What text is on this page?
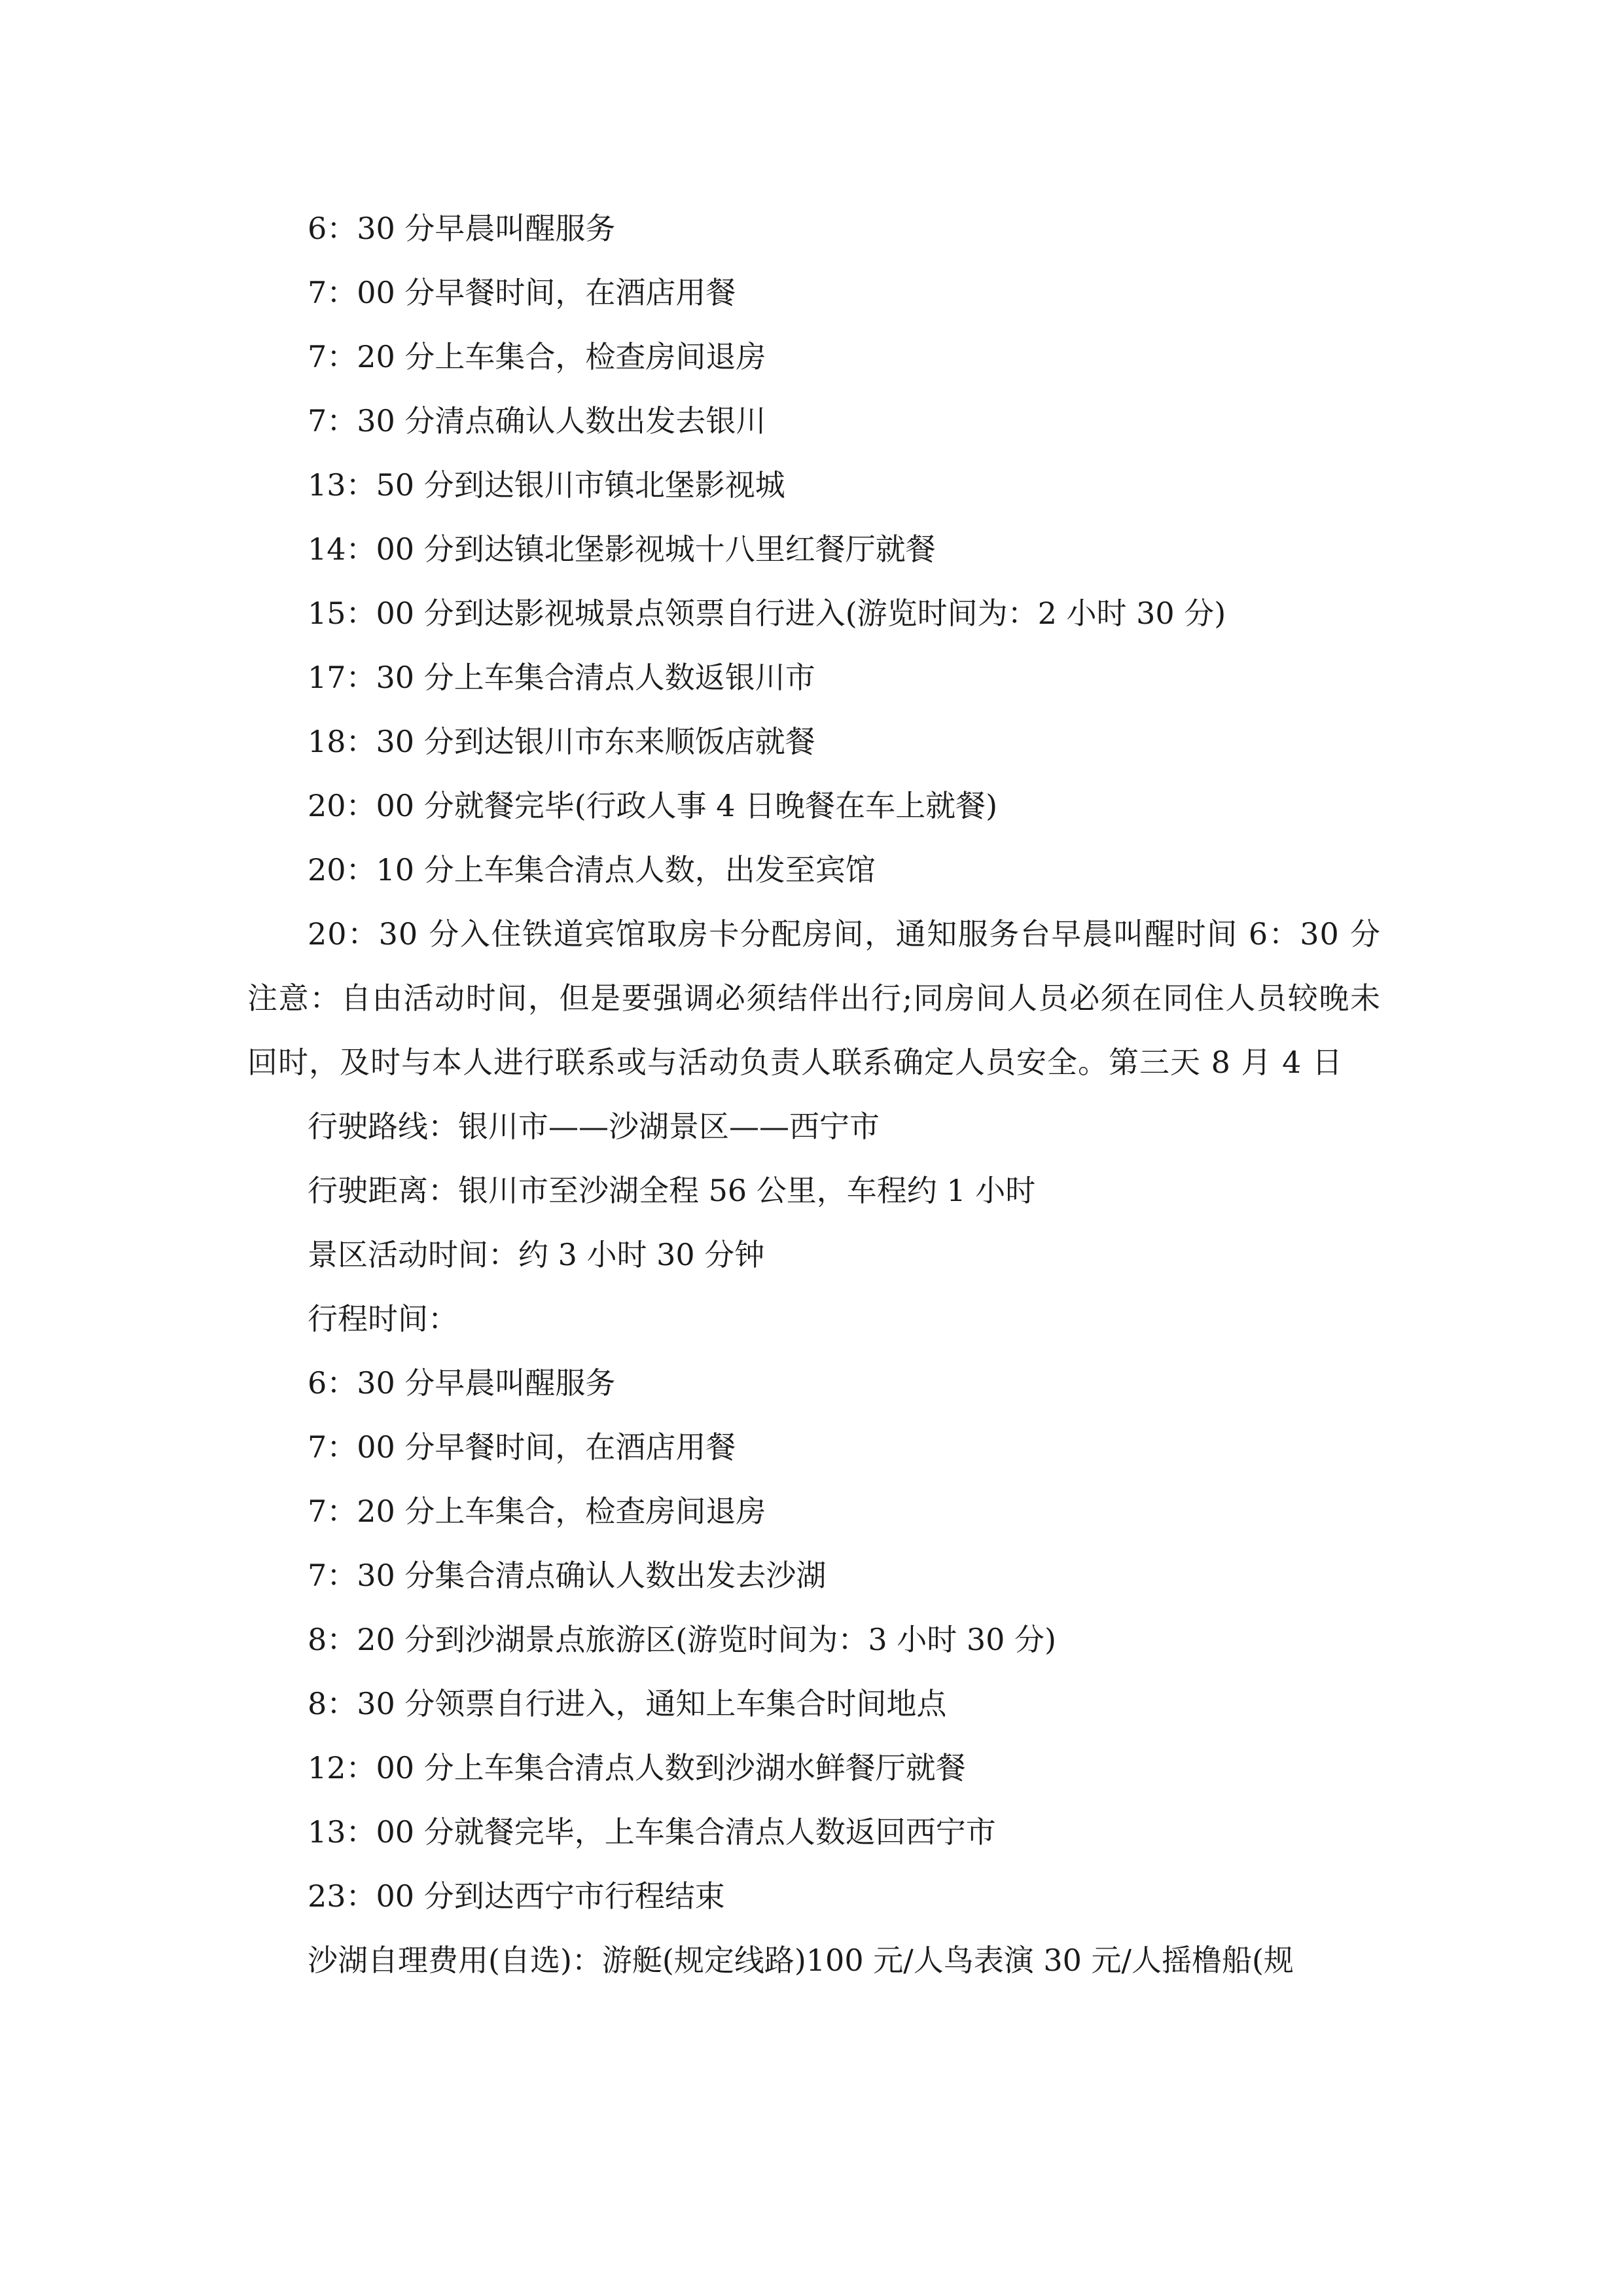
6：30 分早晨叫醒服务
7：00 分早餐时间，在酒店用餐
7：20 分上车集合，检查房间退房
7：30 分清点确认人数出发去银川
13：50 分到达银川市镇北堡影视城
14：00 分到达镇北堡影视城十八里红餐厅就餐
15：00 分到达影视城景点领票自行进入(游览时间为：2 小时 30 分)
17：30 分上车集合清点人数返银川市
18：30 分到达银川市东来顺饭店就餐
20：00 分就餐完毕(行政人事 4 日晚餐在车上就餐)
20：10 分上车集合清点人数，出发至宾馆
20：30 分入住铁道宾馆取房卡分配房间，通知服务台早晨叫醒时间 6：30 分注意：自由活动时间，但是要强调必须结伴出行;同房间人员必须在同住人员较晚未回时，及时与本人进行联系或与活动负责人联系确定人员安全。第三天 8 月 4 日
行驶路线：银川市——沙湖景区——西宁市
行驶距离：银川市至沙湖全程 56 公里，车程约 1 小时
景区活动时间：约 3 小时 30 分钟
行程时间：
6：30 分早晨叫醒服务
7：00 分早餐时间，在酒店用餐
7：20 分上车集合，检查房间退房
7：30 分集合清点确认人数出发去沙湖
8：20 分到沙湖景点旅游区(游览时间为：3 小时 30 分)
8：30 分领票自行进入，通知上车集合时间地点
12：00 分上车集合清点人数到沙湖水鲜餐厅就餐
13：00 分就餐完毕，上车集合清点人数返回西宁市
23：00 分到达西宁市行程结束
沙湖自理费用(自选)：游艇(规定线路)100 元/人鸟表演 30 元/人摇橹船(规
